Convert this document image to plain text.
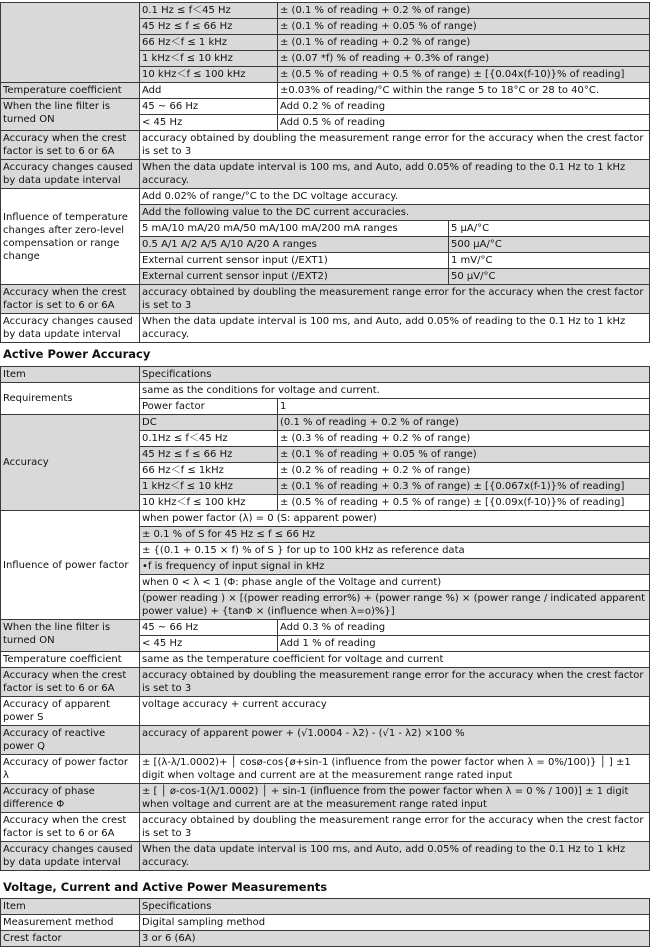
	0.1 Hz ≤ f＜45 Hz	± (0.1 % of reading + 0.2 % of range)	
	45 Hz ≤ f ≤ 66 Hz	± (0.1 % of reading + 0.05 % of range)	
	66 Hz＜f ≤ 1 kHz	± (0.1 % of reading + 0.2 % of range)	
	1 kHz＜f ≤ 10 kHz	± (0.07 *f) % of reading + 0.3% of range)	
	10 kHz＜f ≤ 100 kHz	± (0.5 % of reading + 0.5 % of range) ± [{0.04x(f-10)}% of reading]	
Temperature coefficient	Add	±0.03% of reading/°C within the range 5 to 18°C or 28 to 40°C.	
When the line filter is turned ON	45 ~ 66 Hz	Add 0.2 % of reading	
	< 45 Hz	Add 0.5 % of reading	
Accuracy when the crest factor is set to 6 or 6A	accuracy obtained by doubling the measurement range error for the accuracy when the crest factor is set to 3		
Accuracy changes caused by data update interval	When the data update interval is 100 ms, and Auto, add 0.05% of reading to the 0.1 Hz to 1 kHz accuracy.		
Influence of temperature changes after zero-level compensation or range change	Add 0.02% of range/°C to the DC voltage accuracy.		
	Add the following value to the DC current accuracies.		
	5 mA/10 mA/20 mA/50 mA/100 mA/200 mA ranges		5 μA/°C
	0.5 A/1 A/2 A/5 A/10 A/20 A ranges		500 μA/°C
	External current sensor input (/EXT1)		1 mV/°C
	External current sensor input (/EXT2)		50 μV/°C
Accuracy when the crest factor is set to 6 or 6A	accuracy obtained by doubling the measurement range error for the accuracy when the crest factor is set to 3		
Accuracy changes caused by data update interval	When the data update interval is 100 ms, and Auto, add 0.05% of reading to the 0.1 Hz to 1 kHz accuracy.		
Active Power Accuracy
Item	Specifications	
Requirements	same as the conditions for voltage and current.	
	Power factor	1
Accuracy	DC	(0.1 % of reading + 0.2 % of range)
	0.1Hz ≤ f＜45 Hz	± (0.3 % of reading + 0.2 % of range)
	45 Hz ≤ f ≤ 66 Hz	± (0.1 % of reading + 0.05 % of range)
	66 Hz＜f ≤ 1kHz	± (0.2 % of reading + 0.2 % of range)
	1 kHz＜f ≤ 10 kHz	± (0.1 % of reading + 0.3 % of range) ± [{0.067x(f-1)}% of reading]
	10 kHz＜f ≤ 100 kHz	± (0.5 % of reading + 0.5 % of range) ± [{0.09x(f-10)}% of reading]
Influence of power factor	when power factor (λ) = 0 (S: apparent power)	
	± 0.1 % of S for 45 Hz ≤ f ≤ 66 Hz	
	± {(0.1 + 0.15 × f) % of S } for up to 100 kHz as reference data	
	•f is frequency of input signal in kHz	
	when 0 < λ < 1 (Φ: phase angle of the Voltage and current)	
	(power reading ) × [(power reading error%) + (power range %) × (power range / indicated apparent power value) + {tanΦ × (influence when λ=o)%}]	
When the line filter is turned ON	45 ~ 66 Hz	Add 0.3 % of reading
	< 45 Hz	Add 1 % of reading
Temperature coefficient	same as the temperature coefficient for voltage and current	
Accuracy when the crest factor is set to 6 or 6A	accuracy obtained by doubling the measurement range error for the accuracy when the crest factor is set to 3	
Accuracy of apparent power S	voltage accuracy + current accuracy	
Accuracy of reactive power Q	accuracy of apparent power + (√1.0004 - λ2) - (√1 - λ2) ×100 %	
Accuracy of power factor λ	± [(λ-λ/1.0002)+ │ cosø-cos{ø+sin-1 (influence from the power factor when λ = 0%/100)} │ ] ±1 digit when voltage and current are at the measurement range rated input	
Accuracy of phase difference Φ	± [ │ ø-cos-1(λ/1.0002) │ + sin-1 (influence from the power factor when λ = 0 % / 100)] ± 1 digit when voltage and current are at the measurement range rated input	
Accuracy when the crest factor is set to 6 or 6A	accuracy obtained by doubling the measurement range error for the accuracy when the crest factor is set to 3	
Accuracy changes caused by data update interval	When the data update interval is 100 ms, and Auto, add 0.05% of reading to the 0.1 Hz to 1 kHz accuracy.	
Voltage, Current and Active Power Measurements
Item	Specifications
Measurement method	Digital sampling method
Crest factor	3 or 6 (6A)
